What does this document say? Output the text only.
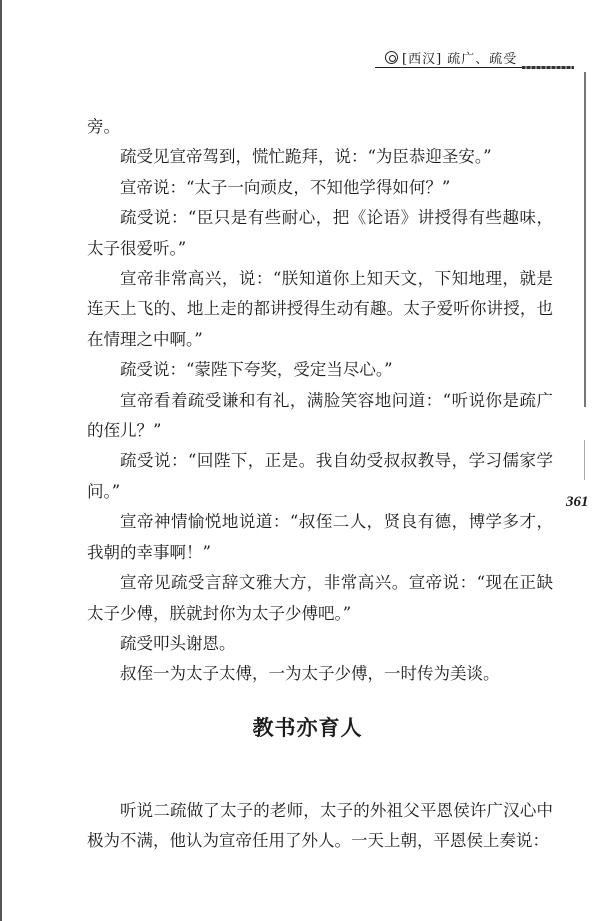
[西汉] 疏广、疏受
361

旁。

疏受见宣帝驾到，慌忙跪拜，说：“为臣恭迎圣安。”

宣帝说：“太子一向顽皮，不知他学得如何？”

疏受说：“臣只是有些耐心，把《论语》讲授得有些趣味，太子很爱听。”

宣帝非常高兴，说：“朕知道你上知天文，下知地理，就是连天上飞的、地上走的都讲授得生动有趣。太子爱听你讲授，也在情理之中啊。”

疏受说：“蒙陛下夸奖，受定当尽心。”

宣帝看着疏受谦和有礼，满脸笑容地问道：“听说你是疏广的侄儿？”

疏受说：“回陛下，正是。我自幼受叔叔教导，学习儒家学问。”

宣帝神情愉悦地说道：“叔侄二人，贤良有德，博学多才，我朝的幸事啊！”

宣帝见疏受言辞文雅大方，非常高兴。宣帝说：“现在正缺太子少傅，朕就封你为太子少傅吧。”

疏受叩头谢恩。

叔侄一为太子太傅，一为太子少傅，一时传为美谈。

教书亦育人

听说二疏做了太子的老师，太子的外祖父平恩侯许广汉心中极为不满，他认为宣帝任用了外人。一天上朝，平恩侯上奏说：
